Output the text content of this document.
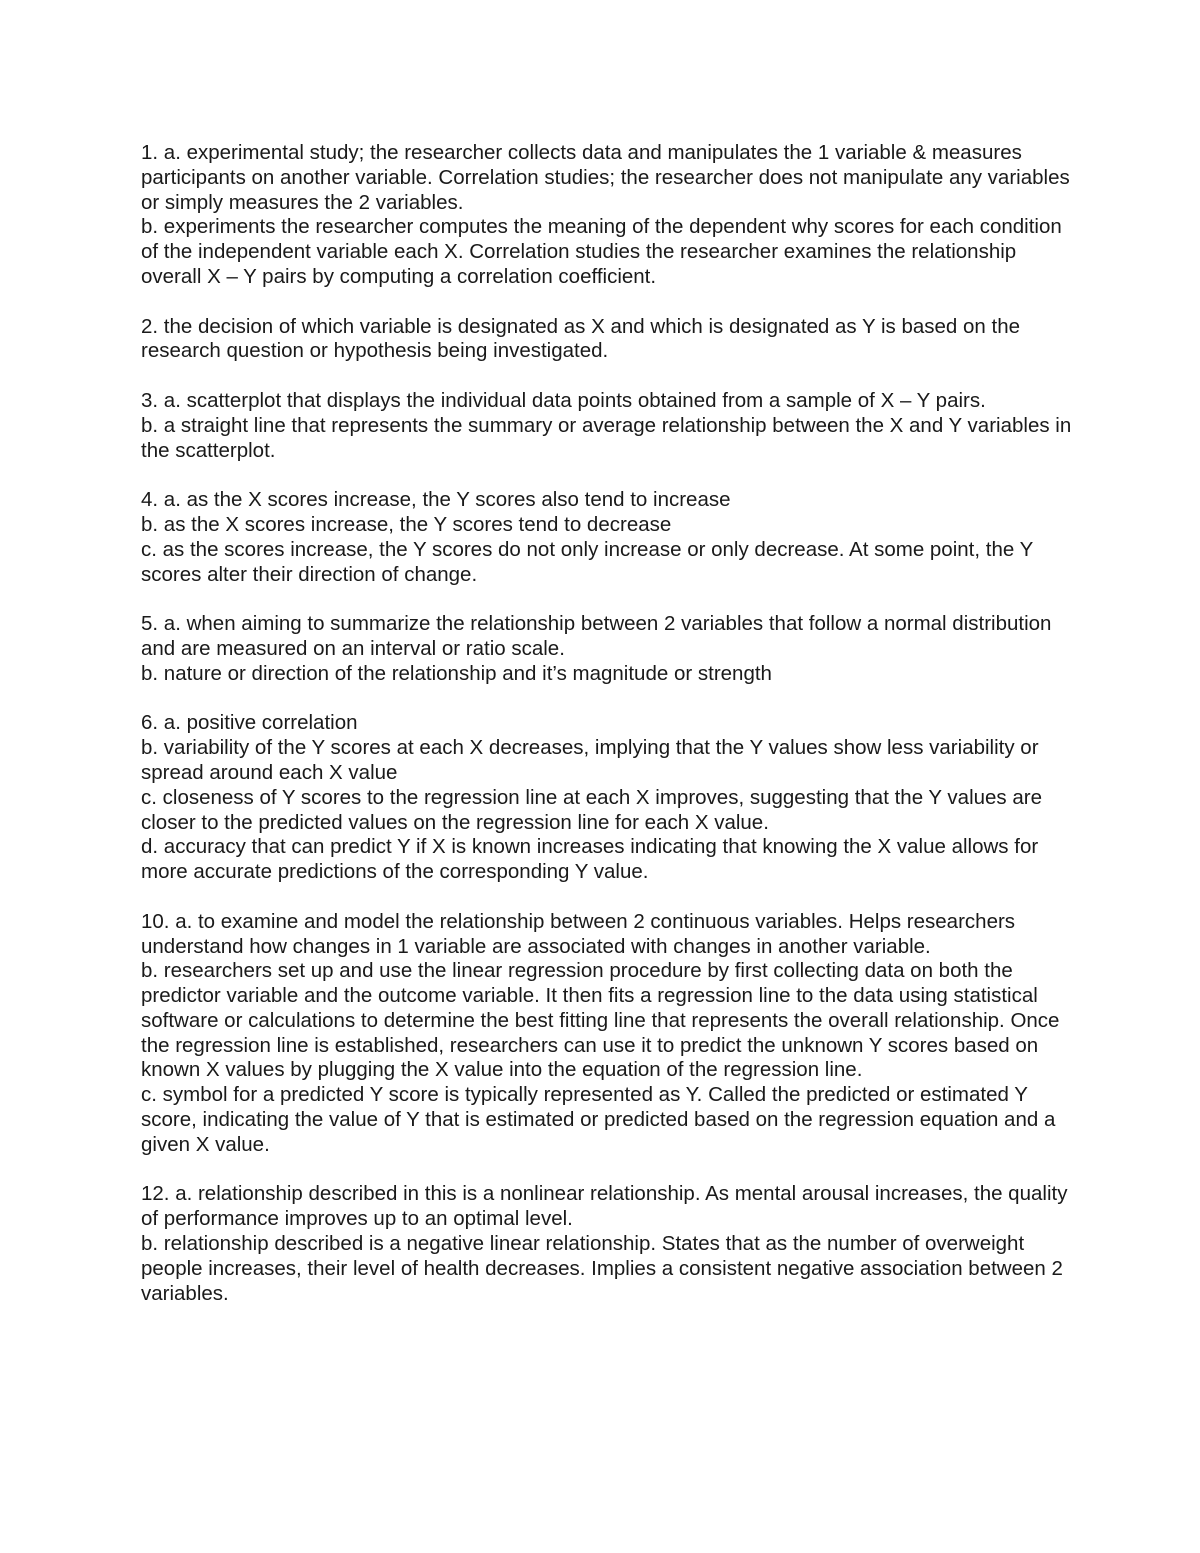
1. a. experimental study; the researcher collects data and manipulates the 1 variable & measures participants on another variable. Correlation studies; the researcher does not manipulate any variables or simply measures the 2 variables.

b. experiments the researcher computes the meaning of the dependent why scores for each condition of the independent variable each X. Correlation studies the researcher examines the relationship overall X – Y pairs by computing a correlation coefficient.

2. the decision of which variable is designated as X and which is designated as Y is based on the research question or hypothesis being investigated.

3. a. scatterplot that displays the individual data points obtained from a sample of X – Y pairs.

b. a straight line that represents the summary or average relationship between the X and Y variables in the scatterplot.

4. a. as the X scores increase, the Y scores also tend to increase

b. as the X scores increase, the Y scores tend to decrease

c. as the scores increase, the Y scores do not only increase or only decrease. At some point, the Y scores alter their direction of change.

5. a. when aiming to summarize the relationship between 2 variables that follow a normal distribution and are measured on an interval or ratio scale.

b. nature or direction of the relationship and it’s magnitude or strength

6. a. positive correlation

b. variability of the Y scores at each X decreases, implying that the Y values show less variability or spread around each X value

c. closeness of Y scores to the regression line at each X improves, suggesting that the Y values are closer to the predicted values on the regression line for each X value.

d. accuracy that can predict Y if X is known increases indicating that knowing the X value allows for more accurate predictions of the corresponding Y value.

10. a. to examine and model the relationship between 2 continuous variables. Helps researchers understand how changes in 1 variable are associated with changes in another variable.

b. researchers set up and use the linear regression procedure by first collecting data on both the predictor variable and the outcome variable. It then fits a regression line to the data using statistical software or calculations to determine the best fitting line that represents the overall relationship. Once the regression line is established, researchers can use it to predict the unknown Y scores based on known X values by plugging the X value into the equation of the regression line.

c. symbol for a predicted Y score is typically represented as Y. Called the predicted or estimated Y score, indicating the value of Y that is estimated or predicted based on the regression equation and a given X value.

12. a. relationship described in this is a nonlinear relationship. As mental arousal increases, the quality of performance improves up to an optimal level.

b. relationship described is a negative linear relationship. States that as the number of overweight people increases, their level of health decreases. Implies a consistent negative association between 2 variables.
